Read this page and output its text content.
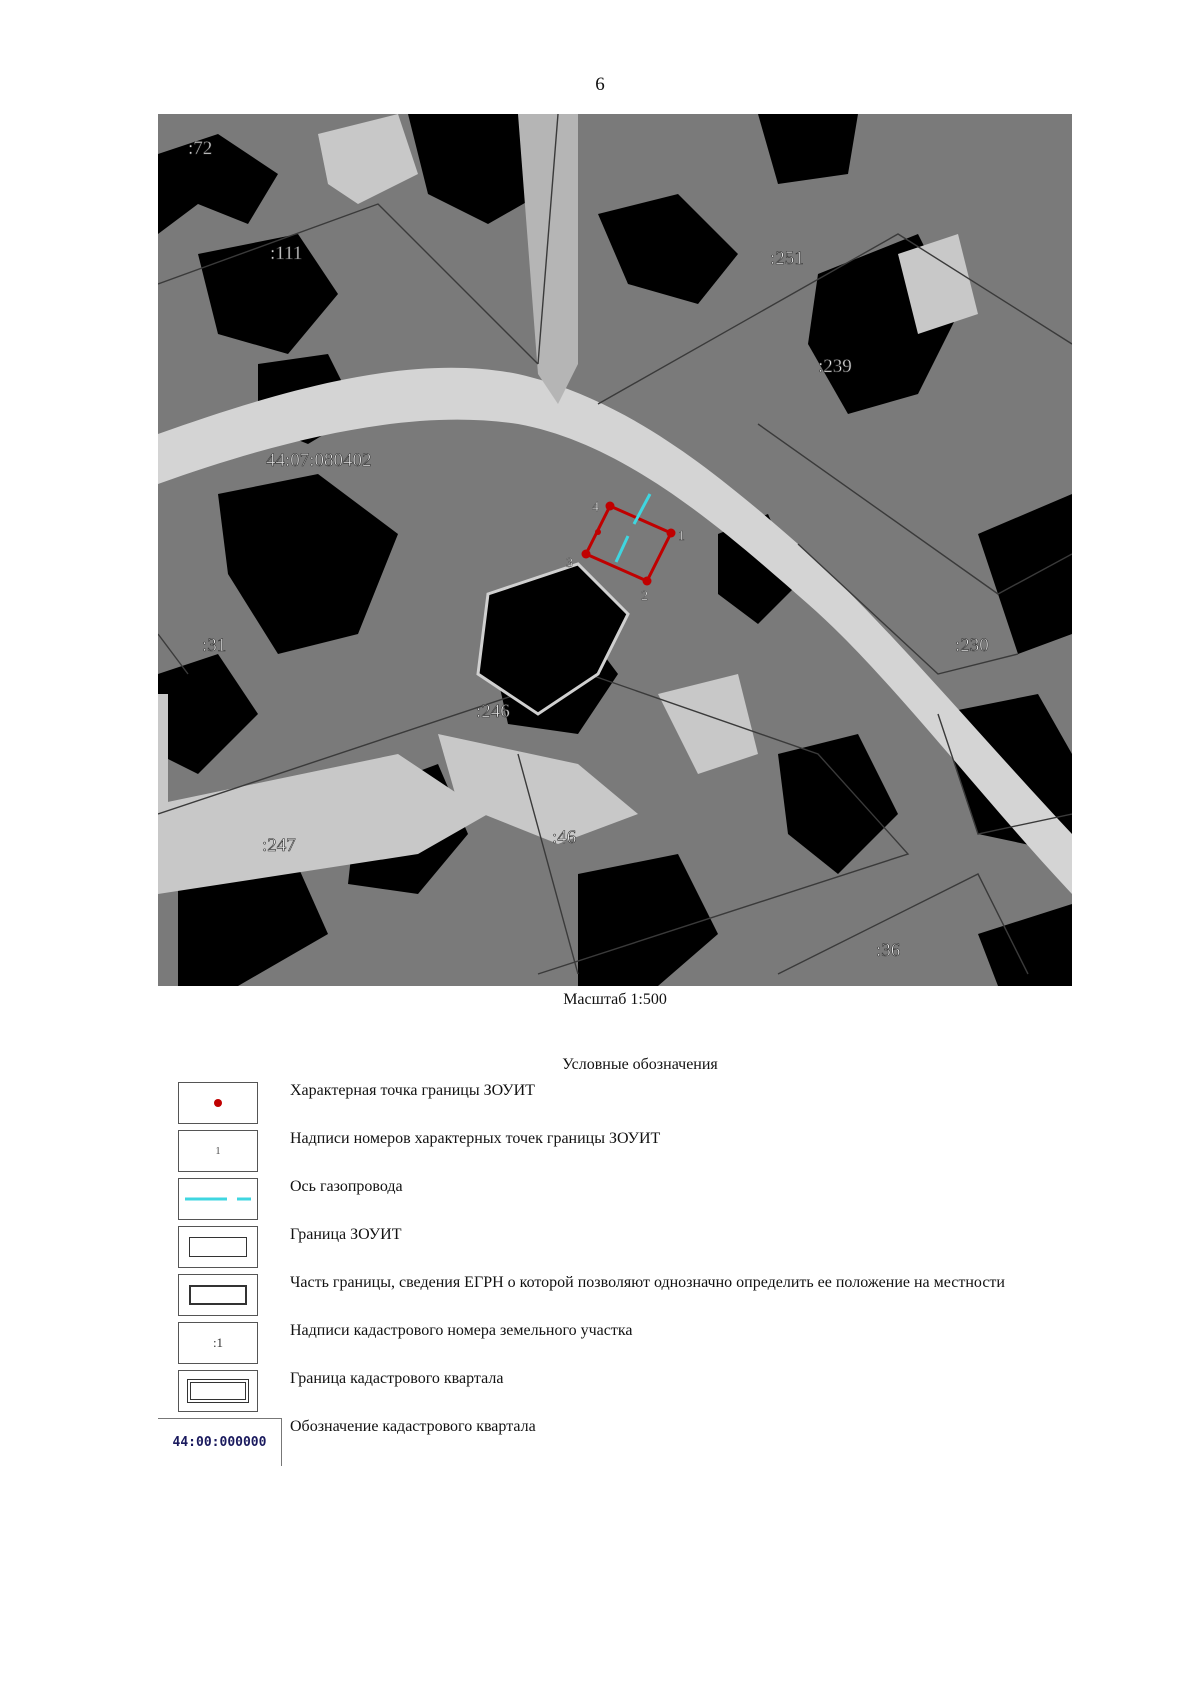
6
1
2
3
4
:72
:111	:251
:239
:31
:246
:230
:247	:46
:36
44:07:080402
Масштаб 1:500
Условные обозначения
Характерная точка границы ЗОУИТ
1
Надписи номеров характерных точек границы ЗОУИТ
Ось газопровода
Граница ЗОУИТ
Часть границы, сведения ЕГРН о которой позволяют однозначно определить ее положение на местности
:1
Надписи кадастрового номера земельного участка
Граница кадастрового квартала
44:00:000000
Обозначение кадастрового квартала
